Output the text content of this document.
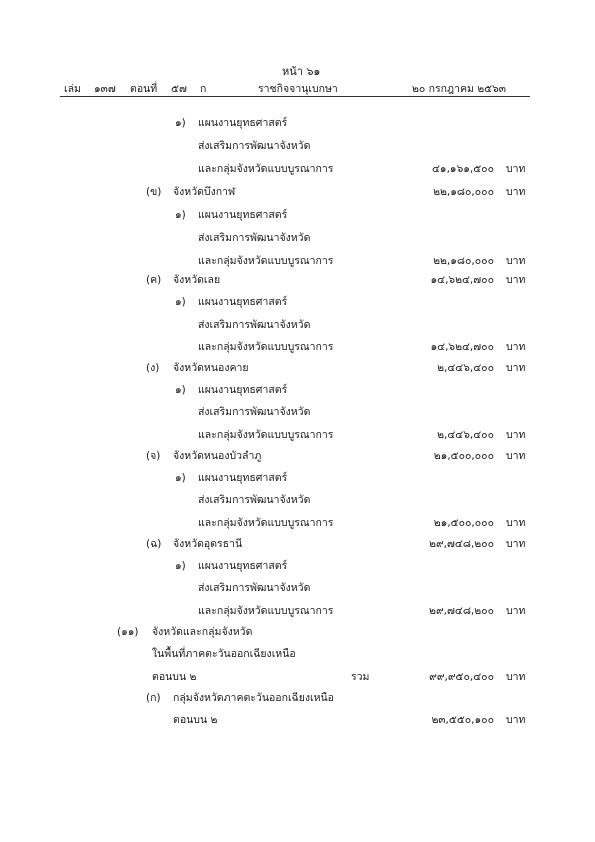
หน้า ๖๑
เล่ม ๑๓๗ ตอนที่ ๕๗ ก	ราชกิจจานุเบกษา	๒๐ กรกฎาคม ๒๕๖๓
๑) แผนงานยุทธศาสตร์
ส่งเสริมการพัฒนาจังหวัด
และกลุ่มจังหวัดแบบบูรณาการ	๔๑,๑๖๑,๕๐๐ บาท
(ข) จังหวัดบึงกาฬ	๒๒,๑๘๐,๐๐๐ บาท
๑) แผนงานยุทธศาสตร์
ส่งเสริมการพัฒนาจังหวัด
และกลุ่มจังหวัดแบบบูรณาการ	๒๒,๑๘๐,๐๐๐ บาท
(ค) จังหวัดเลย	๑๔,๖๒๔,๗๐๐ บาท
๑) แผนงานยุทธศาสตร์
ส่งเสริมการพัฒนาจังหวัด
และกลุ่มจังหวัดแบบบูรณาการ	๑๔,๖๒๔,๗๐๐ บาท
(ง) จังหวัดหนองคาย	๒,๔๔๖,๔๐๐ บาท
๑) แผนงานยุทธศาสตร์
ส่งเสริมการพัฒนาจังหวัด
และกลุ่มจังหวัดแบบบูรณาการ	๒,๔๔๖,๔๐๐ บาท
(จ) จังหวัดหนองบัวลำภู	๒๑,๕๐๐,๐๐๐ บาท
๑) แผนงานยุทธศาสตร์
ส่งเสริมการพัฒนาจังหวัด
และกลุ่มจังหวัดแบบบูรณาการ	๒๑,๕๐๐,๐๐๐ บาท
(ฉ) จังหวัดอุดรธานี	๒๙,๗๔๘,๒๐๐ บาท
๑) แผนงานยุทธศาสตร์
ส่งเสริมการพัฒนาจังหวัด
และกลุ่มจังหวัดแบบบูรณาการ	๒๙,๗๔๘,๒๐๐ บาท
(๑๑) จังหวัดและกลุ่มจังหวัด
ในพื้นที่ภาคตะวันออกเฉียงเหนือ
ตอนบน ๒	รวม	๙๙,๙๕๐,๔๐๐ บาท
(ก) กลุ่มจังหวัดภาคตะวันออกเฉียงเหนือ
ตอนบน ๒	๒๓,๕๕๐,๑๐๐ บาท
